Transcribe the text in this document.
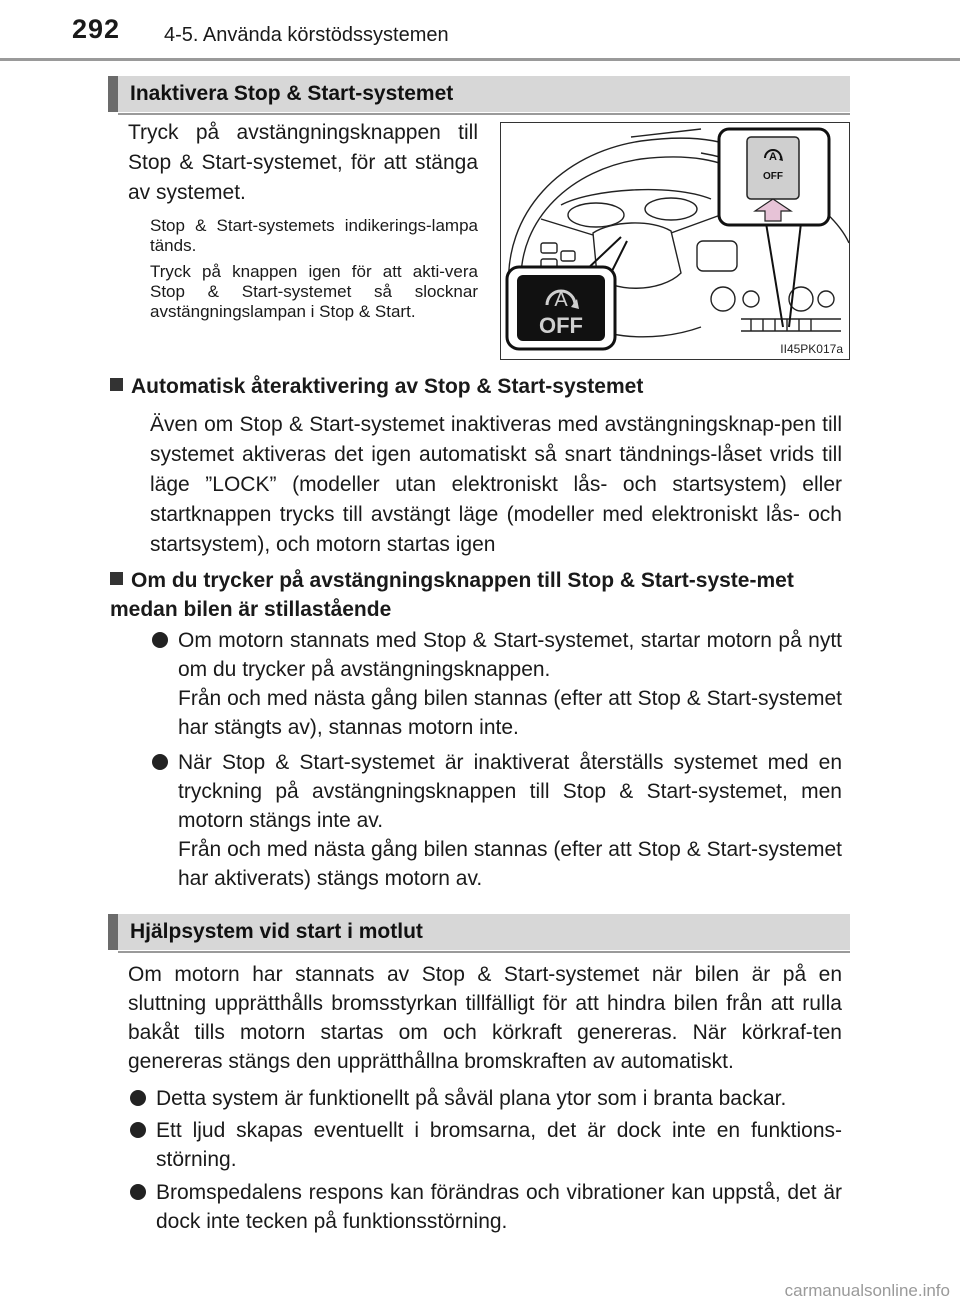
292 4-5. Använda körstödssystemen
Inaktivera Stop & Start-systemet
Tryck på avstängningsknappen till Stop & Start-systemet, för att stänga av systemet.
Stop & Start-systemets indikerings-lampa tänds.
Tryck på knappen igen för att akti-vera Stop & Start-systemet så slocknar avstängningslampan i Stop & Start.
A
OFF
A
OFF
II45PK017a
Automatisk återaktivering av Stop & Start-systemet
Även om Stop & Start-systemet inaktiveras med avstängningsknap-pen till systemet aktiveras det igen automatiskt så snart tändnings-låset vrids till läge ”LOCK” (modeller utan elektroniskt lås- och startsystem) eller startknappen trycks till avstängt läge (modeller med elektroniskt lås- och startsystem), och motorn startas igen
Om du trycker på avstängningsknappen till Stop & Start-syste-met medan bilen är stillastående

Om motorn stannats med Stop & Start-systemet, startar motorn på nytt om du trycker på avstängningsknappen.

Från och med nästa gång bilen stannas (efter att Stop & Start-systemet har stängts av), stannas motorn inte.

När Stop & Start-systemet är inaktiverat återställs systemet med en tryckning på avstängningsknappen till Stop & Start-systemet, men motorn stängs inte av.

Från och med nästa gång bilen stannas (efter att Stop & Start-systemet har aktiverats) stängs motorn av.

Hjälpsystem vid start i motlut
Om motorn har stannats av Stop & Start-systemet när bilen är på en sluttning upprätthålls bromsstyrkan tillfälligt för att hindra bilen från att rulla bakåt tills motorn startas om och körkraft genereras. När körkraf-ten genereras stängs den upprätthållna bromskraften av automatiskt.

Detta system är funktionellt på såväl plana ytor som i branta backar.

Ett ljud skapas eventuellt i bromsarna, det är dock inte en funktions-störning.

Bromspedalens respons kan förändras och vibrationer kan uppstå, det är dock inte tecken på funktionsstörning.

carmanualsonline.info
